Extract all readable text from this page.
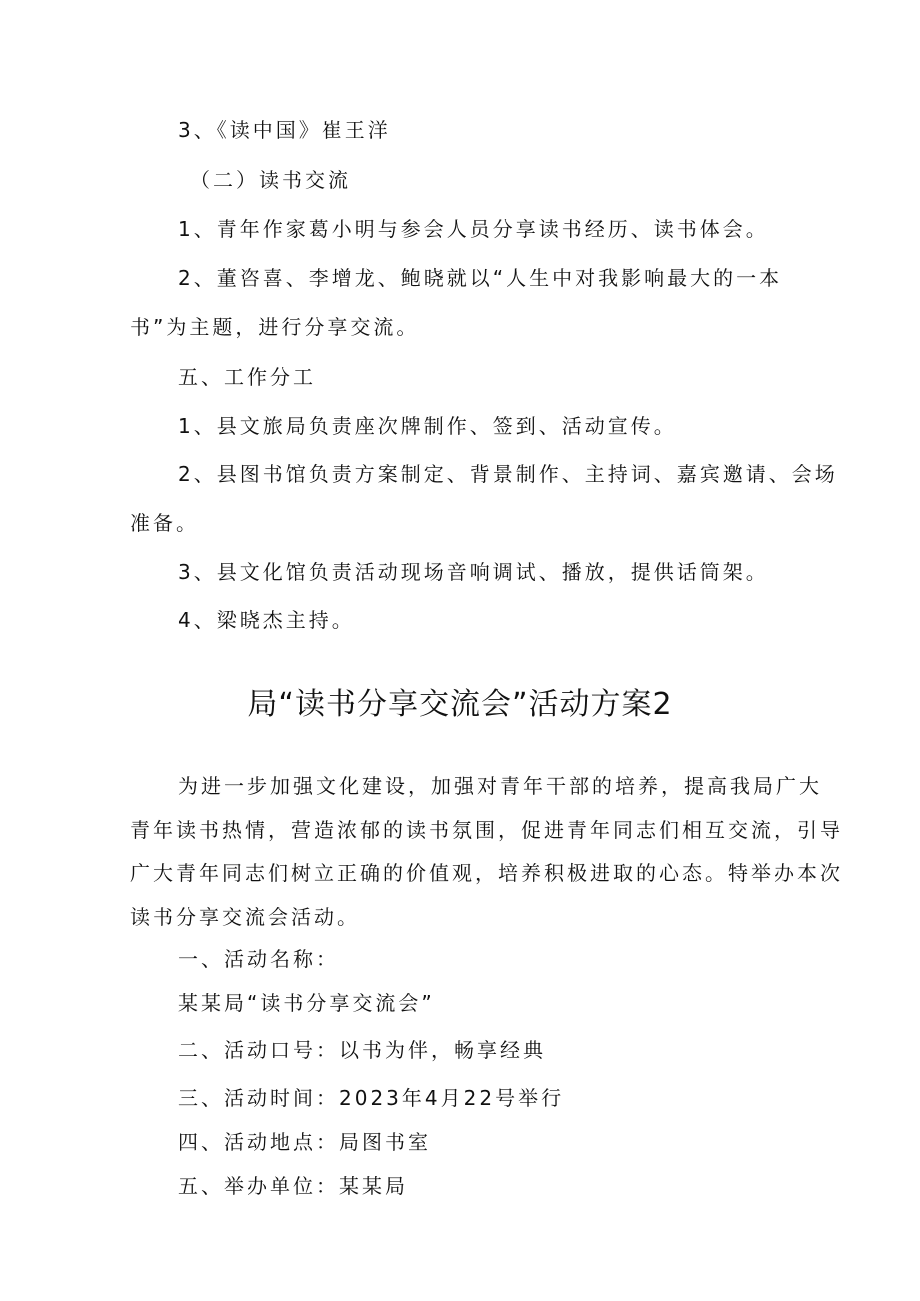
3、《读中国》崔王洋
（二）读书交流
1、青年作家葛小明与参会人员分享读书经历、读书体会。
2、董咨喜、李增龙、鲍晓就以“人生中对我影响最大的一本
书”为主题，进行分享交流。
五、工作分工
1、县文旅局负责座次牌制作、签到、活动宣传。
2、县图书馆负责方案制定、背景制作、主持词、嘉宾邀请、会场
准备。
3、县文化馆负责活动现场音响调试、播放，提供话筒架。
4、梁晓杰主持。
局“读书分享交流会”活动方案2
为进一步加强文化建设，加强对青年干部的培养，提高我局广大
青年读书热情，营造浓郁的读书氛围，促进青年同志们相互交流，引导
广大青年同志们树立正确的价值观，培养积极进取的心态。特举办本次
读书分享交流会活动。
一、活动名称：
某某局“读书分享交流会”
二、活动口号：以书为伴，畅享经典
三、活动时间：2023年4月22号举行
四、活动地点：局图书室
五、举办单位：某某局
